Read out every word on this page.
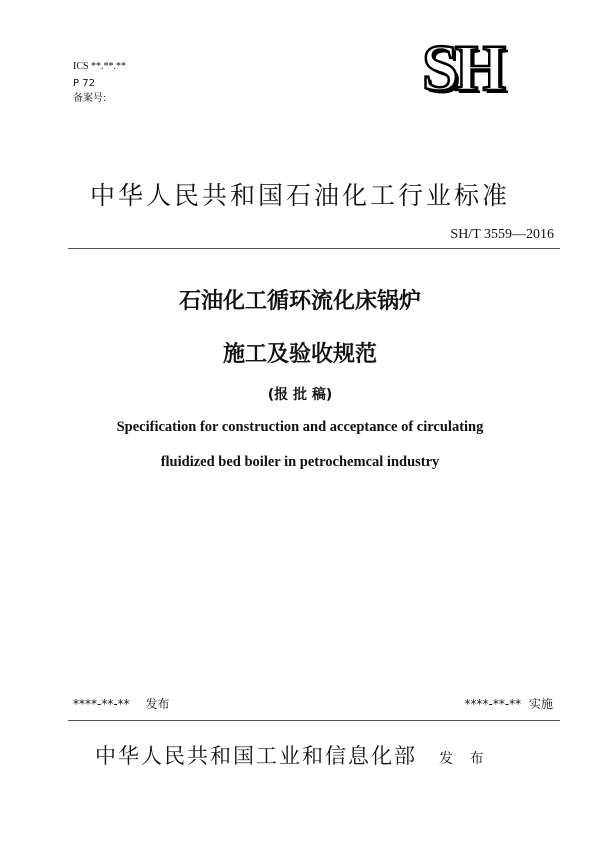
SH
ICS **.**.**
P 72
备案号:
中华人民共和国石油化工行业标准
SH/T 3559—2016
石油化工循环流化床锅炉
施工及验收规范
(报 批 稿)
Specification for construction and acceptance of circulating
fluidized bed boiler in petrochemcal industry
****-**-** 发布	****-**-** 实施
中华人民共和国工业和信息化部 发 布
